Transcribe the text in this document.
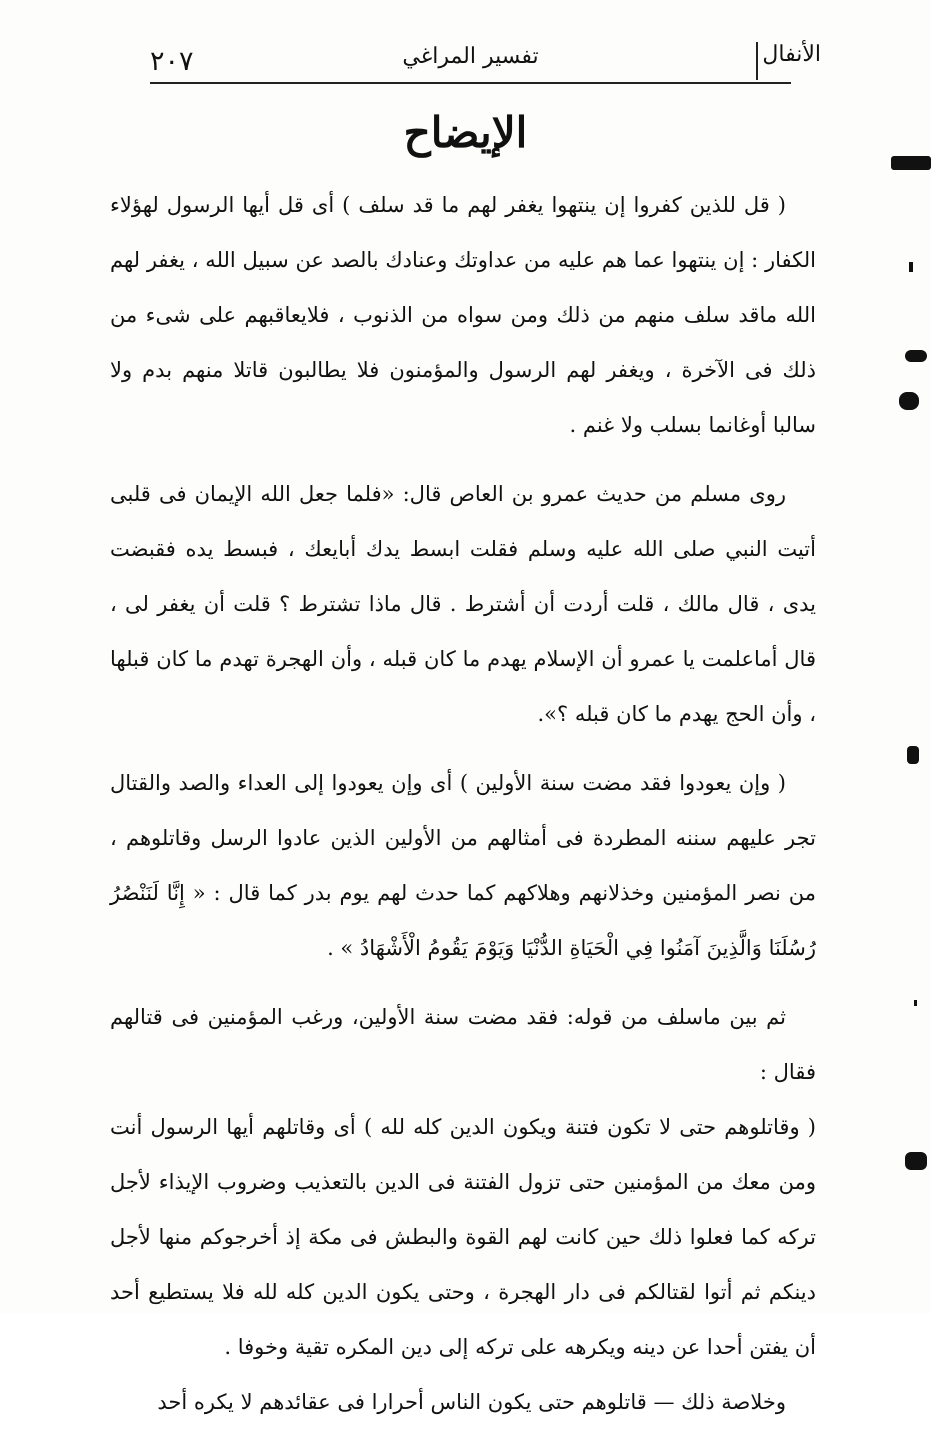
٢٠٧	تفسير المراغي	الأنفال
الإيضاح

( قل للذين كفروا إن ينتهوا يغفر لهم ما قد سلف ) أى قل أيها الرسول لهؤلاء الكفار : إن ينتهوا عما هم عليه من عداوتك وعنادك بالصد عن سبيل الله ، يغفر لهم الله ماقد سلف منهم من ذلك ومن سواه من الذنوب ، فلايعاقبهم على شىء من ذلك فى الآخرة ، ويغفر لهم الرسول والمؤمنون فلا يطالبون قاتلا منهم بدم ولا سالبا أوغانما بسلب ولا غنم .

روى مسلم من حديث عمرو بن العاص قال: «فلما جعل الله الإيمان فى قلبى أتيت النبي صلى الله عليه وسلم فقلت ابسط يدك أبايعك ، فبسط يده فقبضت يدى ، قال مالك ، قلت أردت أن أشترط . قال ماذا تشترط ؟ قلت أن يغفر لى ، قال أماعلمت يا عمرو أن الإسلام يهدم ما كان قبله ، وأن الهجرة تهدم ما كان قبلها ، وأن الحج يهدم ما كان قبله ؟».

( وإن يعودوا فقد مضت سنة الأولين ) أى وإن يعودوا إلى العداء والصد والقتال تجر عليهم سننه المطردة فى أمثالهم من الأولين الذين عادوا الرسل وقاتلوهم ، من نصر المؤمنين وخذلانهم وهلاكهم كما حدث لهم يوم بدر كما قال : « إِنَّا لَنَنْصُرُ رُسُلَنَا وَالَّذِينَ آمَنُوا فِي الْحَيَاةِ الدُّنْيَا وَيَوْمَ يَقُومُ الْأَشْهَادُ » .

ثم بين ماسلف من قوله: فقد مضت سنة الأولين، ورغب المؤمنين فى قتالهم فقال :

( وقاتلوهم حتى لا تكون فتنة ويكون الدين كله لله ) أى وقاتلهم أيها الرسول أنت ومن معك من المؤمنين حتى تزول الفتنة فى الدين بالتعذيب وضروب الإيذاء لأجل تركه كما فعلوا ذلك حين كانت لهم القوة والبطش فى مكة إذ أخرجوكم منها لأجل دينكم ثم أتوا لقتالكم فى دار الهجرة ، وحتى يكون الدين كله لله فلا يستطيع أحد أن يفتن أحدا عن دينه ويكرهه على تركه إلى دين المكره تقية وخوفا .

وخلاصة ذلك — قاتلوهم حتى يكون الناس أحرارا فى عقائدهم لا يكره أحد
